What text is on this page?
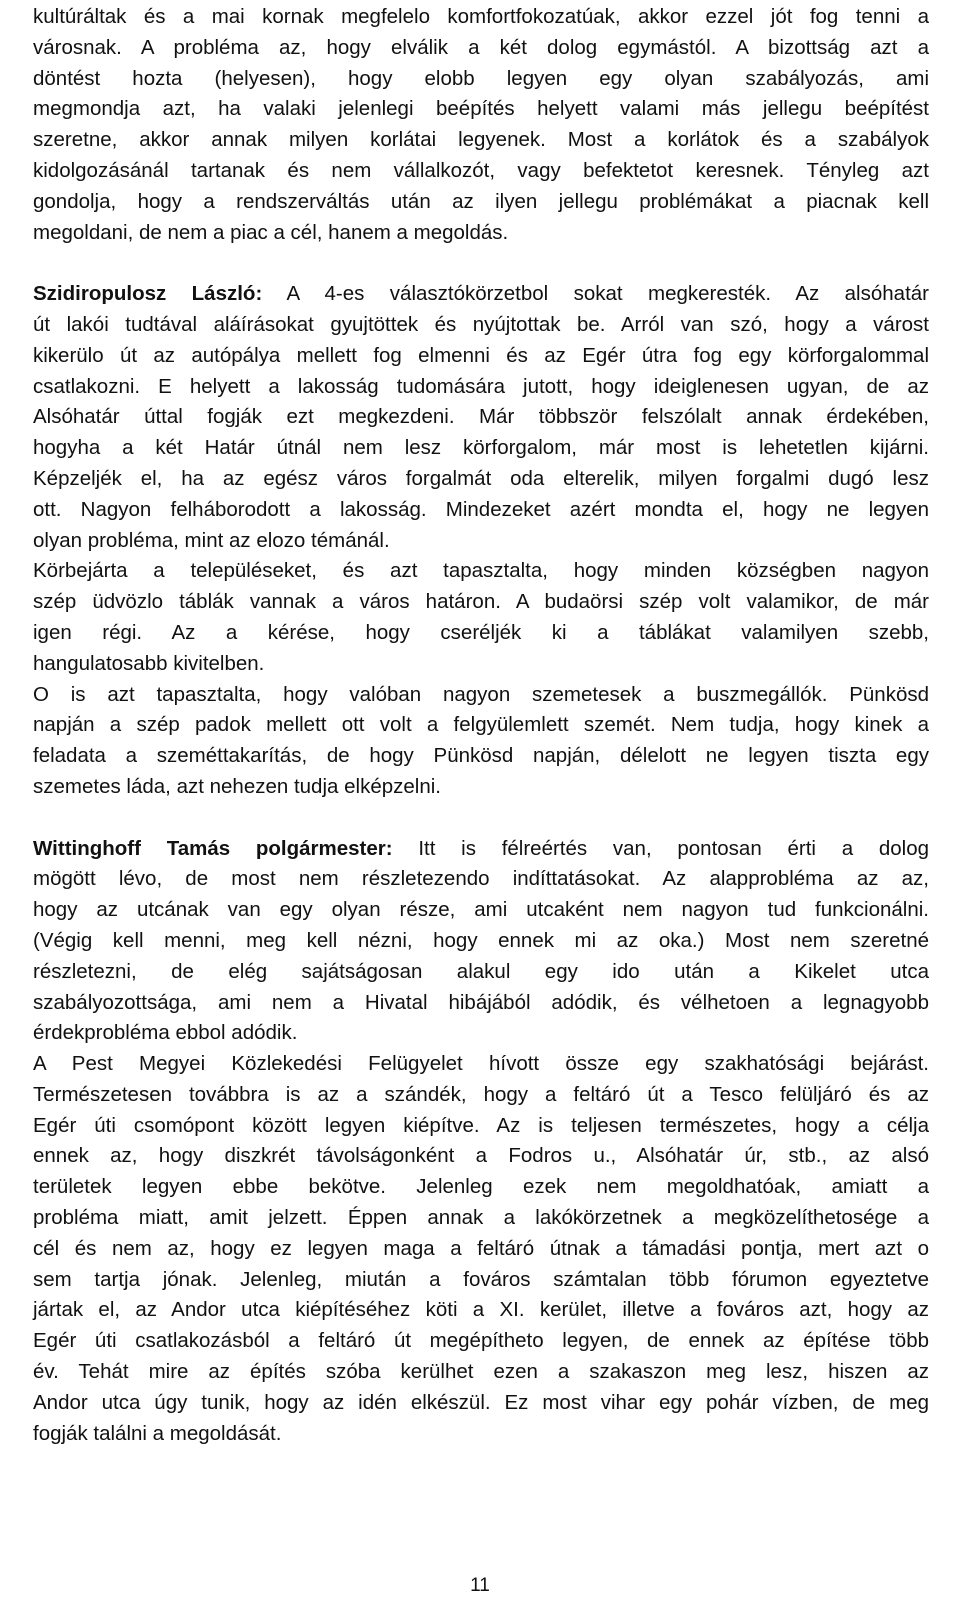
kultúráltak és a mai kornak megfelelo komfortfokozatúak, akkor ezzel jót fog tenni a
városnak. A probléma az, hogy elválik a két dolog egymástól. A bizottság azt a
döntést hozta (helyesen), hogy elobb legyen egy olyan szabályozás, ami
megmondja azt, ha valaki jelenlegi beépítés helyett valami más jellegu beépítést
szeretne, akkor annak milyen korlátai legyenek. Most a korlátok és a szabályok
kidolgozásánál tartanak és nem vállalkozót, vagy befektetot keresnek. Tényleg azt
gondolja, hogy a rendszerváltás után az ilyen jellegu problémákat a piacnak kell
megoldani, de nem a piac a cél, hanem a megoldás.
Szidiropulosz László: A 4-es választókörzetbol sokat megkeresték. Az alsóhatár
út lakói tudtával aláírásokat gyujtöttek és nyújtottak be. Arról van szó, hogy a várost
kikerülo út az autópálya mellett fog elmenni és az Egér útra fog egy körforgalommal
csatlakozni. E helyett a lakosság tudomására jutott, hogy ideiglenesen ugyan, de az
Alsóhatár úttal fogják ezt megkezdeni. Már többször felszólalt annak érdekében,
hogyha a két Határ útnál nem lesz körforgalom, már most is lehetetlen kijárni.
Képzeljék el, ha az egész város forgalmát oda elterelik, milyen forgalmi dugó lesz
ott. Nagyon felháborodott a lakosság. Mindezeket azért mondta el, hogy ne legyen
olyan probléma, mint az elozo témánál.
Körbejárta a településeket, és azt tapasztalta, hogy minden községben nagyon
szép üdvözlo táblák vannak a város határon. A budaörsi szép volt valamikor, de már
igen régi. Az a kérése, hogy cseréljék ki a táblákat valamilyen szebb,
hangulatosabb kivitelben.
O is azt tapasztalta, hogy valóban nagyon szemetesek a buszmegállók. Pünkösd
napján a szép padok mellett ott volt a felgyülemlett szemét. Nem tudja, hogy kinek a
feladata a szeméttakarítás, de hogy Pünkösd napján, délelott ne legyen tiszta egy
szemetes láda, azt nehezen tudja elképzelni.
Wittinghoff Tamás polgármester: Itt is félreértés van, pontosan érti a dolog
mögött lévo, de most nem részletezendo indíttatásokat. Az alapprobléma az az,
hogy az utcának van egy olyan része, ami utcaként nem nagyon tud funkcionálni.
(Végig kell menni, meg kell nézni, hogy ennek mi az oka.) Most nem szeretné
részletezni, de elég sajátságosan alakul egy ido után a Kikelet utca
szabályozottsága, ami nem a Hivatal hibájából adódik, és vélhetoen a legnagyobb
érdekprobléma ebbol adódik.
A Pest Megyei Közlekedési Felügyelet hívott össze egy szakhatósági bejárást.
Természetesen továbbra is az a szándék, hogy a feltáró út a Tesco felüljáró és az
Egér úti csomópont között legyen kiépítve. Az is teljesen természetes, hogy a célja
ennek az, hogy diszkrét távolságonként a Fodros u., Alsóhatár úr, stb., az alsó
területek legyen ebbe bekötve. Jelenleg ezek nem megoldhatóak, amiatt a
probléma miatt, amit jelzett. Éppen annak a lakókörzetnek a megközelíthetosége a
cél és nem az, hogy ez legyen maga a feltáró útnak a támadási pontja, mert azt o
sem tartja jónak. Jelenleg, miután a fováros számtalan több fórumon egyeztetve
jártak el, az Andor utca kiépítéséhez köti a XI. kerület, illetve a fováros azt, hogy az
Egér úti csatlakozásból a feltáró út megépítheto legyen, de ennek az építése több
év. Tehát mire az építés szóba kerülhet ezen a szakaszon meg lesz, hiszen az
Andor utca úgy tunik, hogy az idén elkészül. Ez most vihar egy pohár vízben, de meg
fogják találni a megoldását.
11
